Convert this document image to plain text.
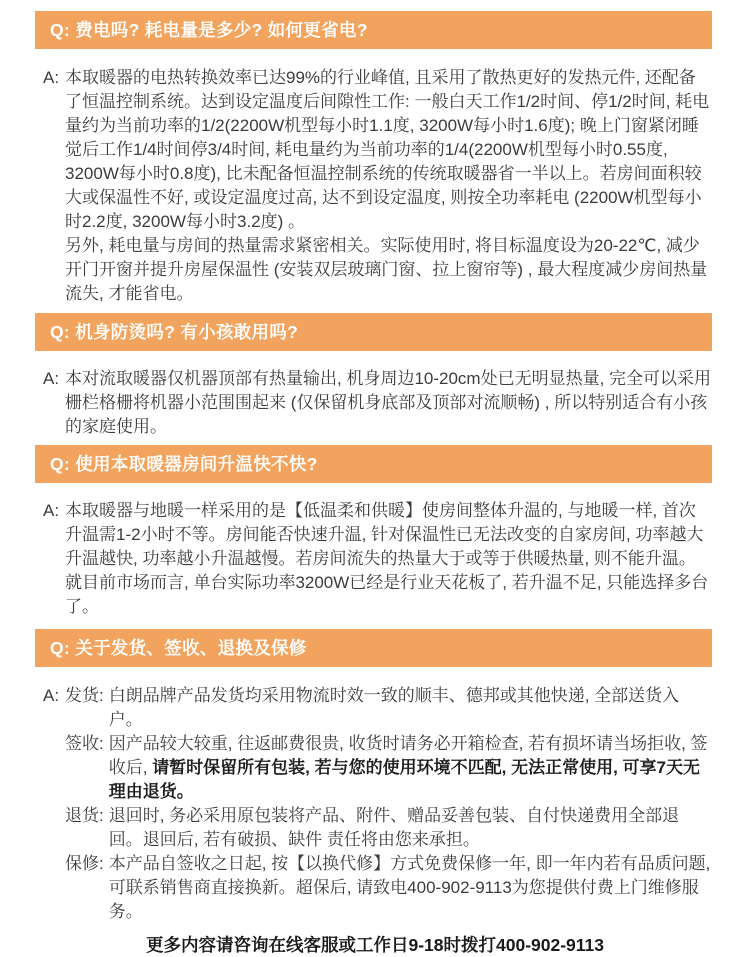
Q: 费电吗? 耗电量是多少? 如何更省电?
A: 本取暖器的电热转换效率已达99%的行业峰值, 且采用了散热更好的发热元件, 还配备了恒温控制系统。达到设定温度后间隙性工作: 一般白天工作1/2时间、停1/2时间, 耗电量约为当前功率的1/2(2200W机型每小时1.1度, 3200W每小时1.6度); 晚上门窗紧闭睡觉后工作1/4时间停3/4时间, 耗电量约为当前功率的1/4(2200W机型每小时0.55度, 3200W每小时0.8度), 比未配备恒温控制系统的传统取暖器省一半以上。若房间面积较大或保温性不好, 或设定温度过高, 达不到设定温度, 则按全功率耗电 (2200W机型每小时2.2度, 3200W每小时3.2度) 。

另外, 耗电量与房间的热量需求紧密相关。实际使用时, 将目标温度设为20-22℃, 减少开门开窗并提升房屋保温性 (安装双层玻璃门窗、拉上窗帘等) , 最大程度减少房间热量流失, 才能省电。

Q: 机身防烫吗? 有小孩敢用吗?
A: 本对流取暖器仅机器顶部有热量输出, 机身周边10-20cm处已无明显热量, 完全可以采用栅栏格栅将机器小范围围起来 (仅保留机身底部及顶部对流顺畅) , 所以特别适合有小孩的家庭使用。

Q: 使用本取暖器房间升温快不快?
A: 本取暖器与地暖一样采用的是【低温柔和供暖】使房间整体升温的, 与地暖一样, 首次升温需1-2小时不等。房间能否快速升温, 针对保温性已无法改变的自家房间, 功率越大升温越快, 功率越小升温越慢。若房间流失的热量大于或等于供暖热量, 则不能升温。

就目前市场而言, 单台实际功率3200W已经是行业天花板了, 若升温不足, 只能选择多台了。

Q: 关于发货、签收、退换及保修
A: 发货: 白朗品牌产品发货均采用物流时效一致的顺丰、德邦或其他快递, 全部送货入户。
签收: 因产品较大较重, 往返邮费很贵, 收货时请务必开箱检查, 若有损坏请当场拒收, 签收后, 请暂时保留所有包装, 若与您的使用环境不匹配, 无法正常使用, 可享7天无理由退货。
退货: 退回时, 务必采用原包装将产品、附件、赠品妥善包装、自付快递费用全部退回。退回后, 若有破损、缺件 责任将由您来承担。
保修: 本产品自签收之日起, 按【以换代修】方式免费保修一年, 即一年内若有品质问题, 可联系销售商直接换新。超保后, 请致电400-902-9113为您提供付费上门维修服务。
更多内容请咨询在线客服或工作日9-18时拨打400-902-9113
